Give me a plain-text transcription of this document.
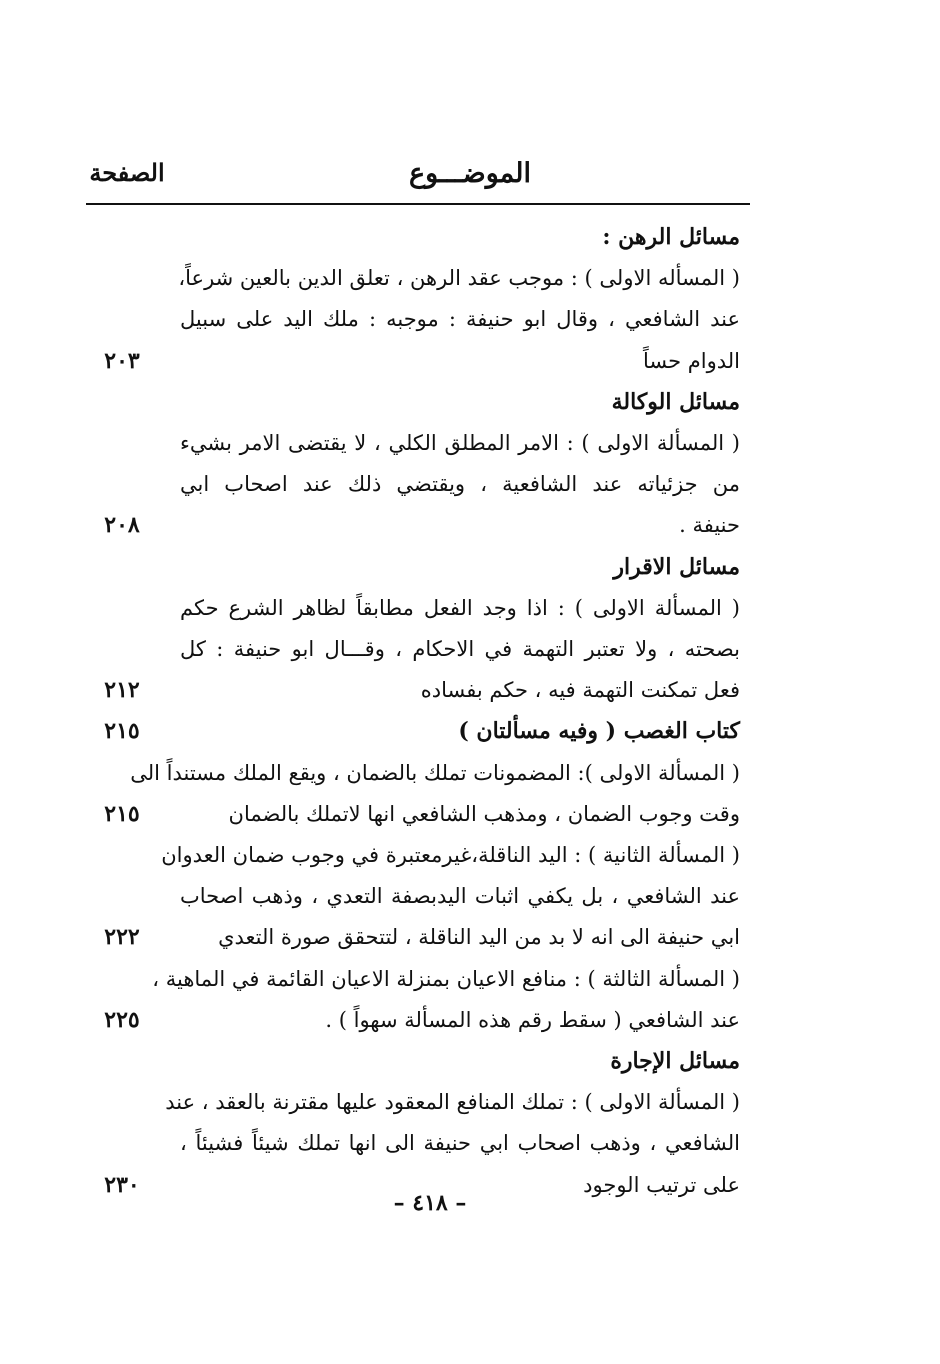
الموضـــوع
الصفحة
مسائل الرهن :
( المسأله الاولى ) : موجب عقد الرهن ، تعلق الدين بالعين شرعاً،
عند الشافعي ، وقال ابو حنيفة : موجبه : ملك اليد على سبيل
الدوام حساً
٢٠٣
مسائل الوكالة
( المسألة الاولى ) : الامر المطلق الكلي ، لا يقتضى الامر بشيء
من جزئياته عند الشافعية ، ويقتضي ذلك عند اصحاب ابي
حنيفة .
٢٠٨
مسائل الاقرار
( المسألة الاولى ) : اذا وجد الفعل مطابقاً لظاهر الشرع حكم
بصحته ، ولا تعتبر التهمة في الاحكام ، وقـــال ابو حنيفة : كل
فعل تمكنت التهمة فيه ، حكم بفساده
٢١٢
كتاب الغصب ( وفيه مسألتان )
٢١٥
( المسألة الاولى ): المضمونات تملك بالضمان ، ويقع الملك مستنداً الى
وقت وجوب الضمان ، ومذهب الشافعي انها لاتملك بالضمان
٢١٥
( المسألة الثانية ) : اليد الناقلة،غيرمعتبرة في وجوب ضمان العدوان
عند الشافعي ، بل يكفي اثبات اليدبصفة التعدي ، وذهب اصحاب
ابي حنيفة الى انه لا بد من اليد الناقلة ، لتتحقق صورة التعدي
٢٢٢
( المسألة الثالثة ) : منافع الاعيان بمنزلة الاعيان القائمة في الماهية ،
عند الشافعي ( سقط رقم هذه المسألة سهواً ) .
٢٢٥
مسائل الإجارة
( المسألة الاولى ) : تملك المنافع المعقود عليها مقترنة بالعقد ، عند
الشافعي ، وذهب اصحاب ابي حنيفة الى انها تملك شيئاً فشيئاً ،
على ترتيب الوجود
٢٣٠
– ٤١٨ –
